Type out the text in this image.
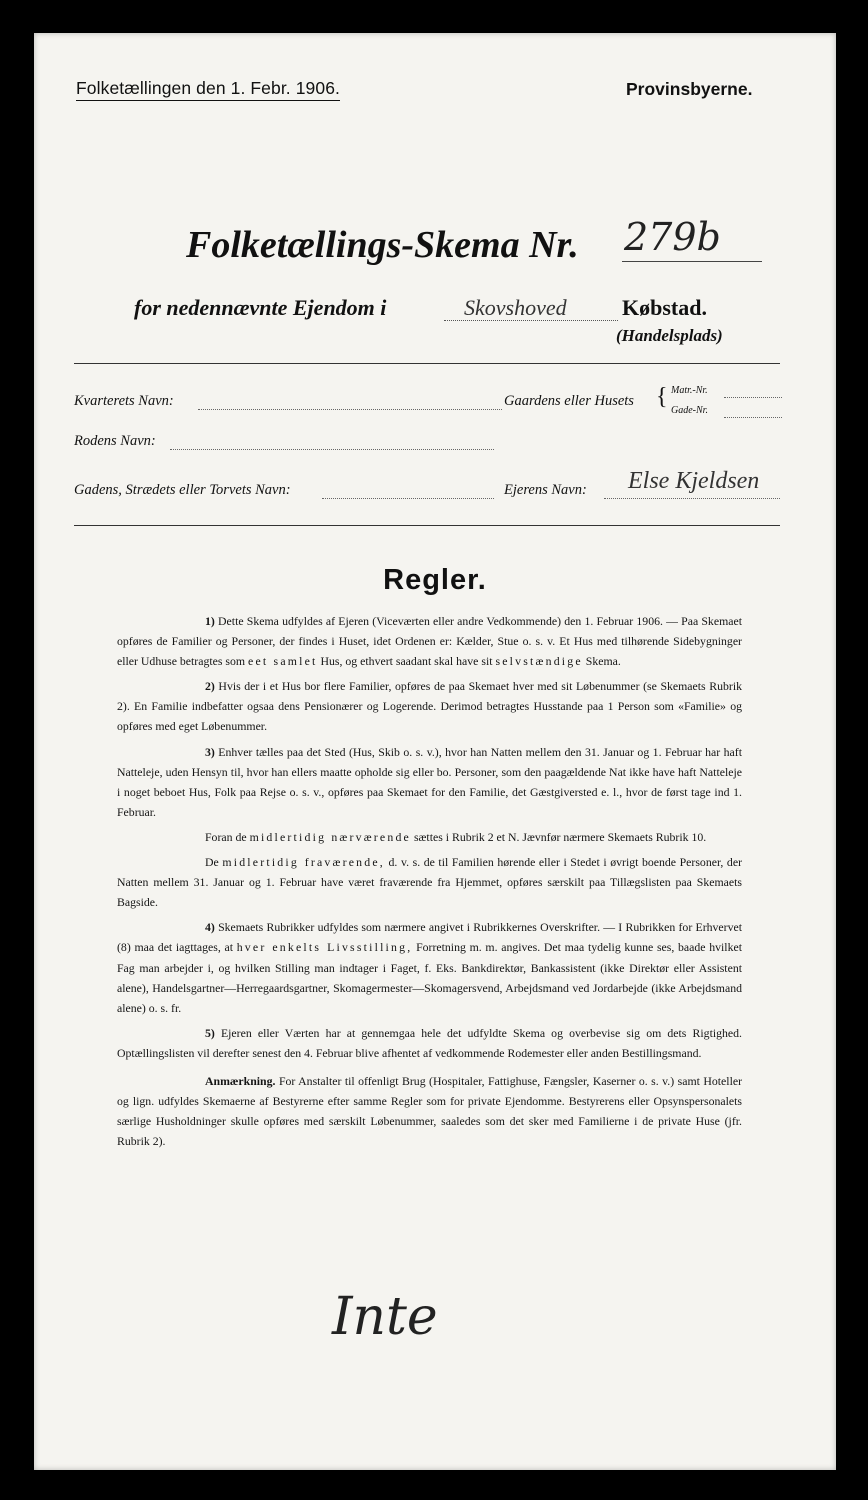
Folketællingen den 1. Febr. 1906.	Provinsbyerne.
Folketællings-Skema Nr. 279b
for nedennævnte Ejendom i	Skovshoved	Købstad.
(Handelsplads)
Kvarterets Navn:	Gaardens eller Husets { Matr.-Nr.
Gade-Nr.
Rodens Navn:
Gadens, Strædets eller Torvets Navn:	Ejerens Navn: Else Kjeldsen
Regler.

1) Dette Skema udfyldes af Ejeren (Viceværten eller andre Vedkommende) den 1. Februar 1906. — Paa Skemaet opføres de Familier og Personer, der findes i Huset, idet Ordenen er: Kælder, Stue o. s. v. Et Hus med tilhørende Sidebygninger eller Udhuse betragtes som eet samlet Hus, og ethvert saadant skal have sit selvstændige Skema.

2) Hvis der i et Hus bor flere Familier, opføres de paa Skemaet hver med sit Løbenummer (se Skemaets Rubrik 2). En Familie indbefatter ogsaa dens Pensionærer og Logerende. Derimod betragtes Husstande paa 1 Person som «Familie» og opføres med eget Løbenummer.

3) Enhver tælles paa det Sted (Hus, Skib o. s. v.), hvor han Natten mellem den 31. Januar og 1. Februar har haft Natteleje, uden Hensyn til, hvor han ellers maatte opholde sig eller bo. Personer, som den paagældende Nat ikke have haft Natteleje i noget beboet Hus, Folk paa Rejse o. s. v., opføres paa Skemaet for den Familie, det Gæstgiversted e. l., hvor de først tage ind 1. Februar.

Foran de midlertidig nærværende sættes i Rubrik 2 et N. Jævnfør nærmere Skemaets Rubrik 10.

De midlertidig fraværende, d. v. s. de til Familien hørende eller i Stedet i øvrigt boende Personer, der Natten mellem 31. Januar og 1. Februar have været fraværende fra Hjemmet, opføres særskilt paa Tillægslisten paa Skemaets Bagside.

4) Skemaets Rubrikker udfyldes som nærmere angivet i Rubrikkernes Overskrifter. — I Rubrikken for Erhvervet (8) maa det iagttages, at hver enkelts Livsstilling, Forretning m. m. angives. Det maa tydelig kunne ses, baade hvilket Fag man arbejder i, og hvilken Stilling man indtager i Faget, f. Eks. Bankdirektør, Bankassistent (ikke Direktør eller Assistent alene), Handelsgartner—Herregaardsgartner, Skomagermester—Skomagersvend, Arbejdsmand ved Jordarbejde (ikke Arbejdsmand alene) o. s. fr.

5) Ejeren eller Værten har at gennemgaa hele det udfyldte Skema og overbevise sig om dets Rigtighed. Optællingslisten vil derefter senest den 4. Februar blive afhentet af vedkommende Rodemester eller anden Bestillingsmand.

Anmærkning. For Anstalter til offenligt Brug (Hospitaler, Fattighuse, Fængsler, Kaserner o. s. v.) samt Hoteller og lign. udfyldes Skemaerne af Bestyrerne efter samme Regler som for private Ejendomme. Bestyrerens eller Opsynspersonalets særlige Husholdninger skulle opføres med særskilt Løbenummer, saaledes som det sker med Familierne i de private Huse (jfr. Rubrik 2).

Inte
